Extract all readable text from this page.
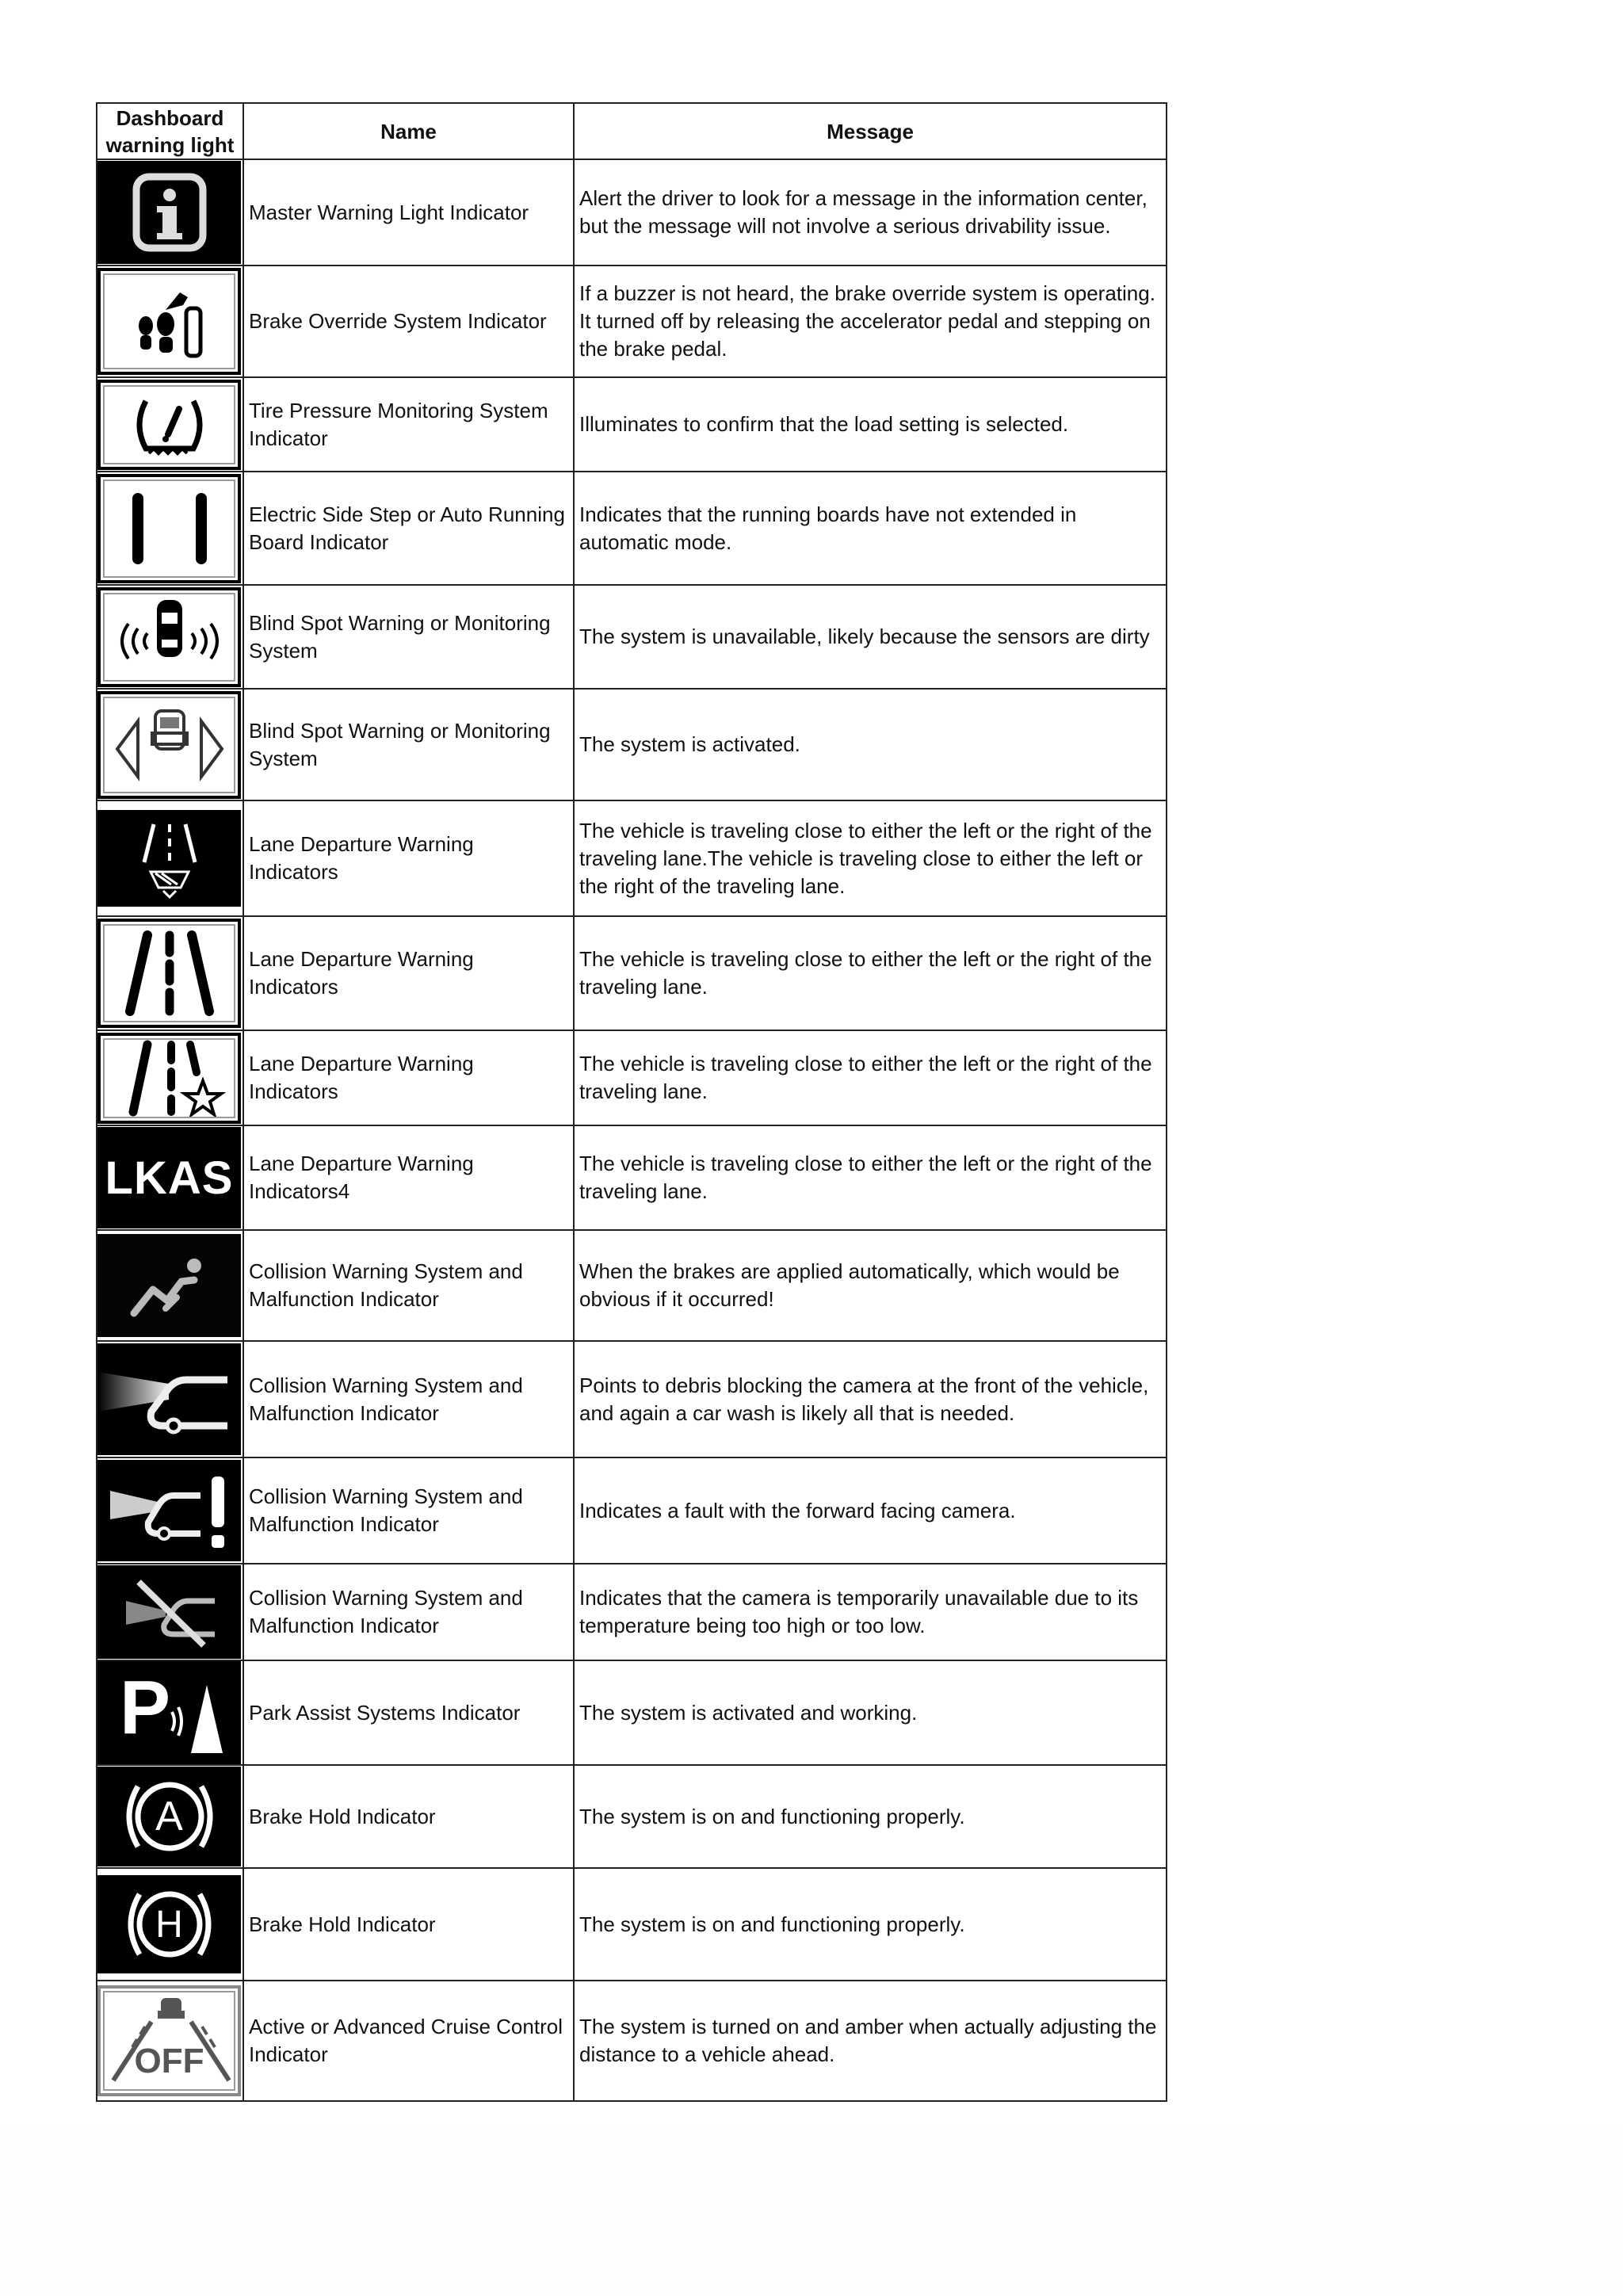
Dashboard warning light	Name	Message

	Master Warning Light Indicator	Alert the driver to look for a message in the information center, but the message will not involve a serious drivability issue.

	Brake Override System Indicator	If a buzzer is not heard, the brake override system is operating. It turned off by releasing the accelerator pedal and stepping on the brake pedal.

	Tire Pressure Monitoring System Indicator	Illuminates to confirm that the load setting is selected.

	Electric Side Step or Auto Running Board Indicator	Indicates that the running boards have not extended in automatic mode.

	Blind Spot Warning or Monitoring System	The system is unavailable, likely because the sensors are dirty

	Blind Spot Warning or Monitoring System	The system is activated.

	Lane Departure Warning Indicators	The vehicle is traveling close to either the left or the right of the traveling lane.The vehicle is traveling close to either the left or the right of the traveling lane.

	Lane Departure Warning Indicators	The vehicle is traveling close to either the left or the right of the traveling lane.

	Lane Departure Warning Indicators	The vehicle is traveling close to either the left or the right of the traveling lane.

LKAS	Lane Departure Warning Indicators4	The vehicle is traveling close to either the left or the right of the traveling lane.

	Collision Warning System and Malfunction Indicator	When the brakes are applied automatically, which would be obvious if it occurred!

	Collision Warning System and Malfunction Indicator	Points to debris blocking the camera at the front of the vehicle, and again a car wash is likely all that is needed.

	Collision Warning System and Malfunction Indicator	Indicates a fault with the forward facing camera.

	Collision Warning System and Malfunction Indicator	Indicates that the camera is temporarily unavailable due to its temperature being too high or too low.

P	Park Assist Systems Indicator	The system is activated and working.

A	Brake Hold Indicator	The system is on and functioning properly.

H	Brake Hold Indicator	The system is on and functioning properly.

OFF	Active or Advanced Cruise Control Indicator	The system is turned on and amber when actually adjusting the distance to a vehicle ahead.
